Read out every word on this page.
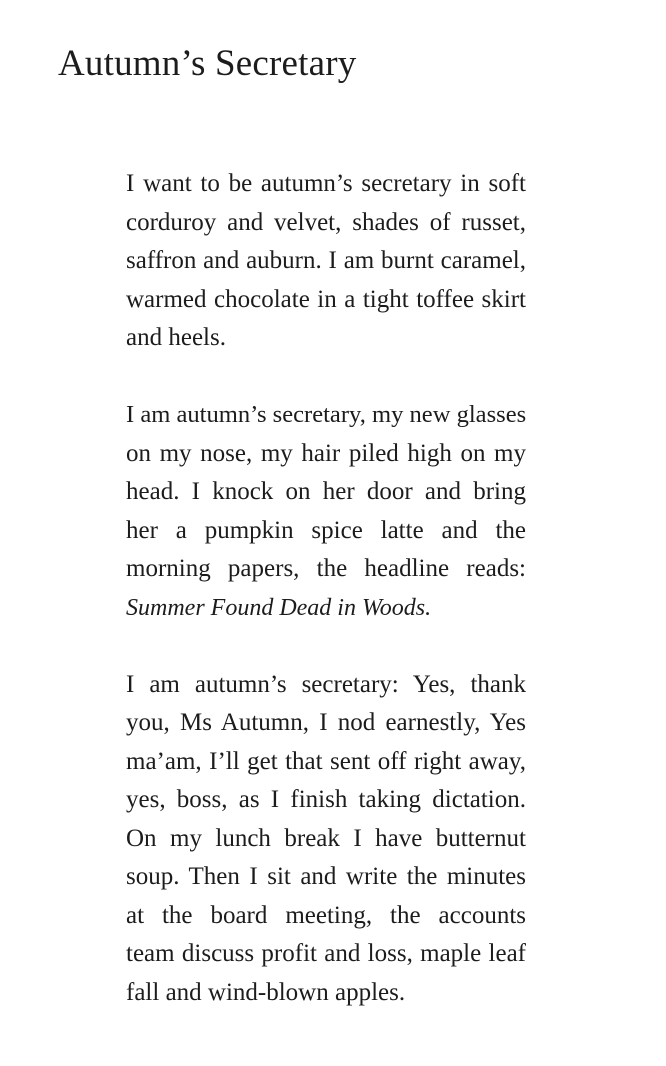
Autumn’s Secretary
I want to be autumn’s secretary in soft
corduroy and velvet, shades of russet,
saffron and auburn. I am burnt caramel,
warmed chocolate in a tight toffee skirt
and heels.
I am autumn’s secretary, my new glasses
on my nose, my hair piled high on my
head. I knock on her door and bring
her a pumpkin spice latte and the
morning papers, the headline reads:
Summer Found Dead in Woods.
I am autumn’s secretary: Yes, thank
you, Ms Autumn, I nod earnestly, Yes
ma’am, I’ll get that sent off right away,
yes, boss, as I finish taking dictation.
On my lunch break I have butternut
soup. Then I sit and write the minutes
at the board meeting, the accounts
team discuss profit and loss, maple leaf
fall and wind-blown apples.
